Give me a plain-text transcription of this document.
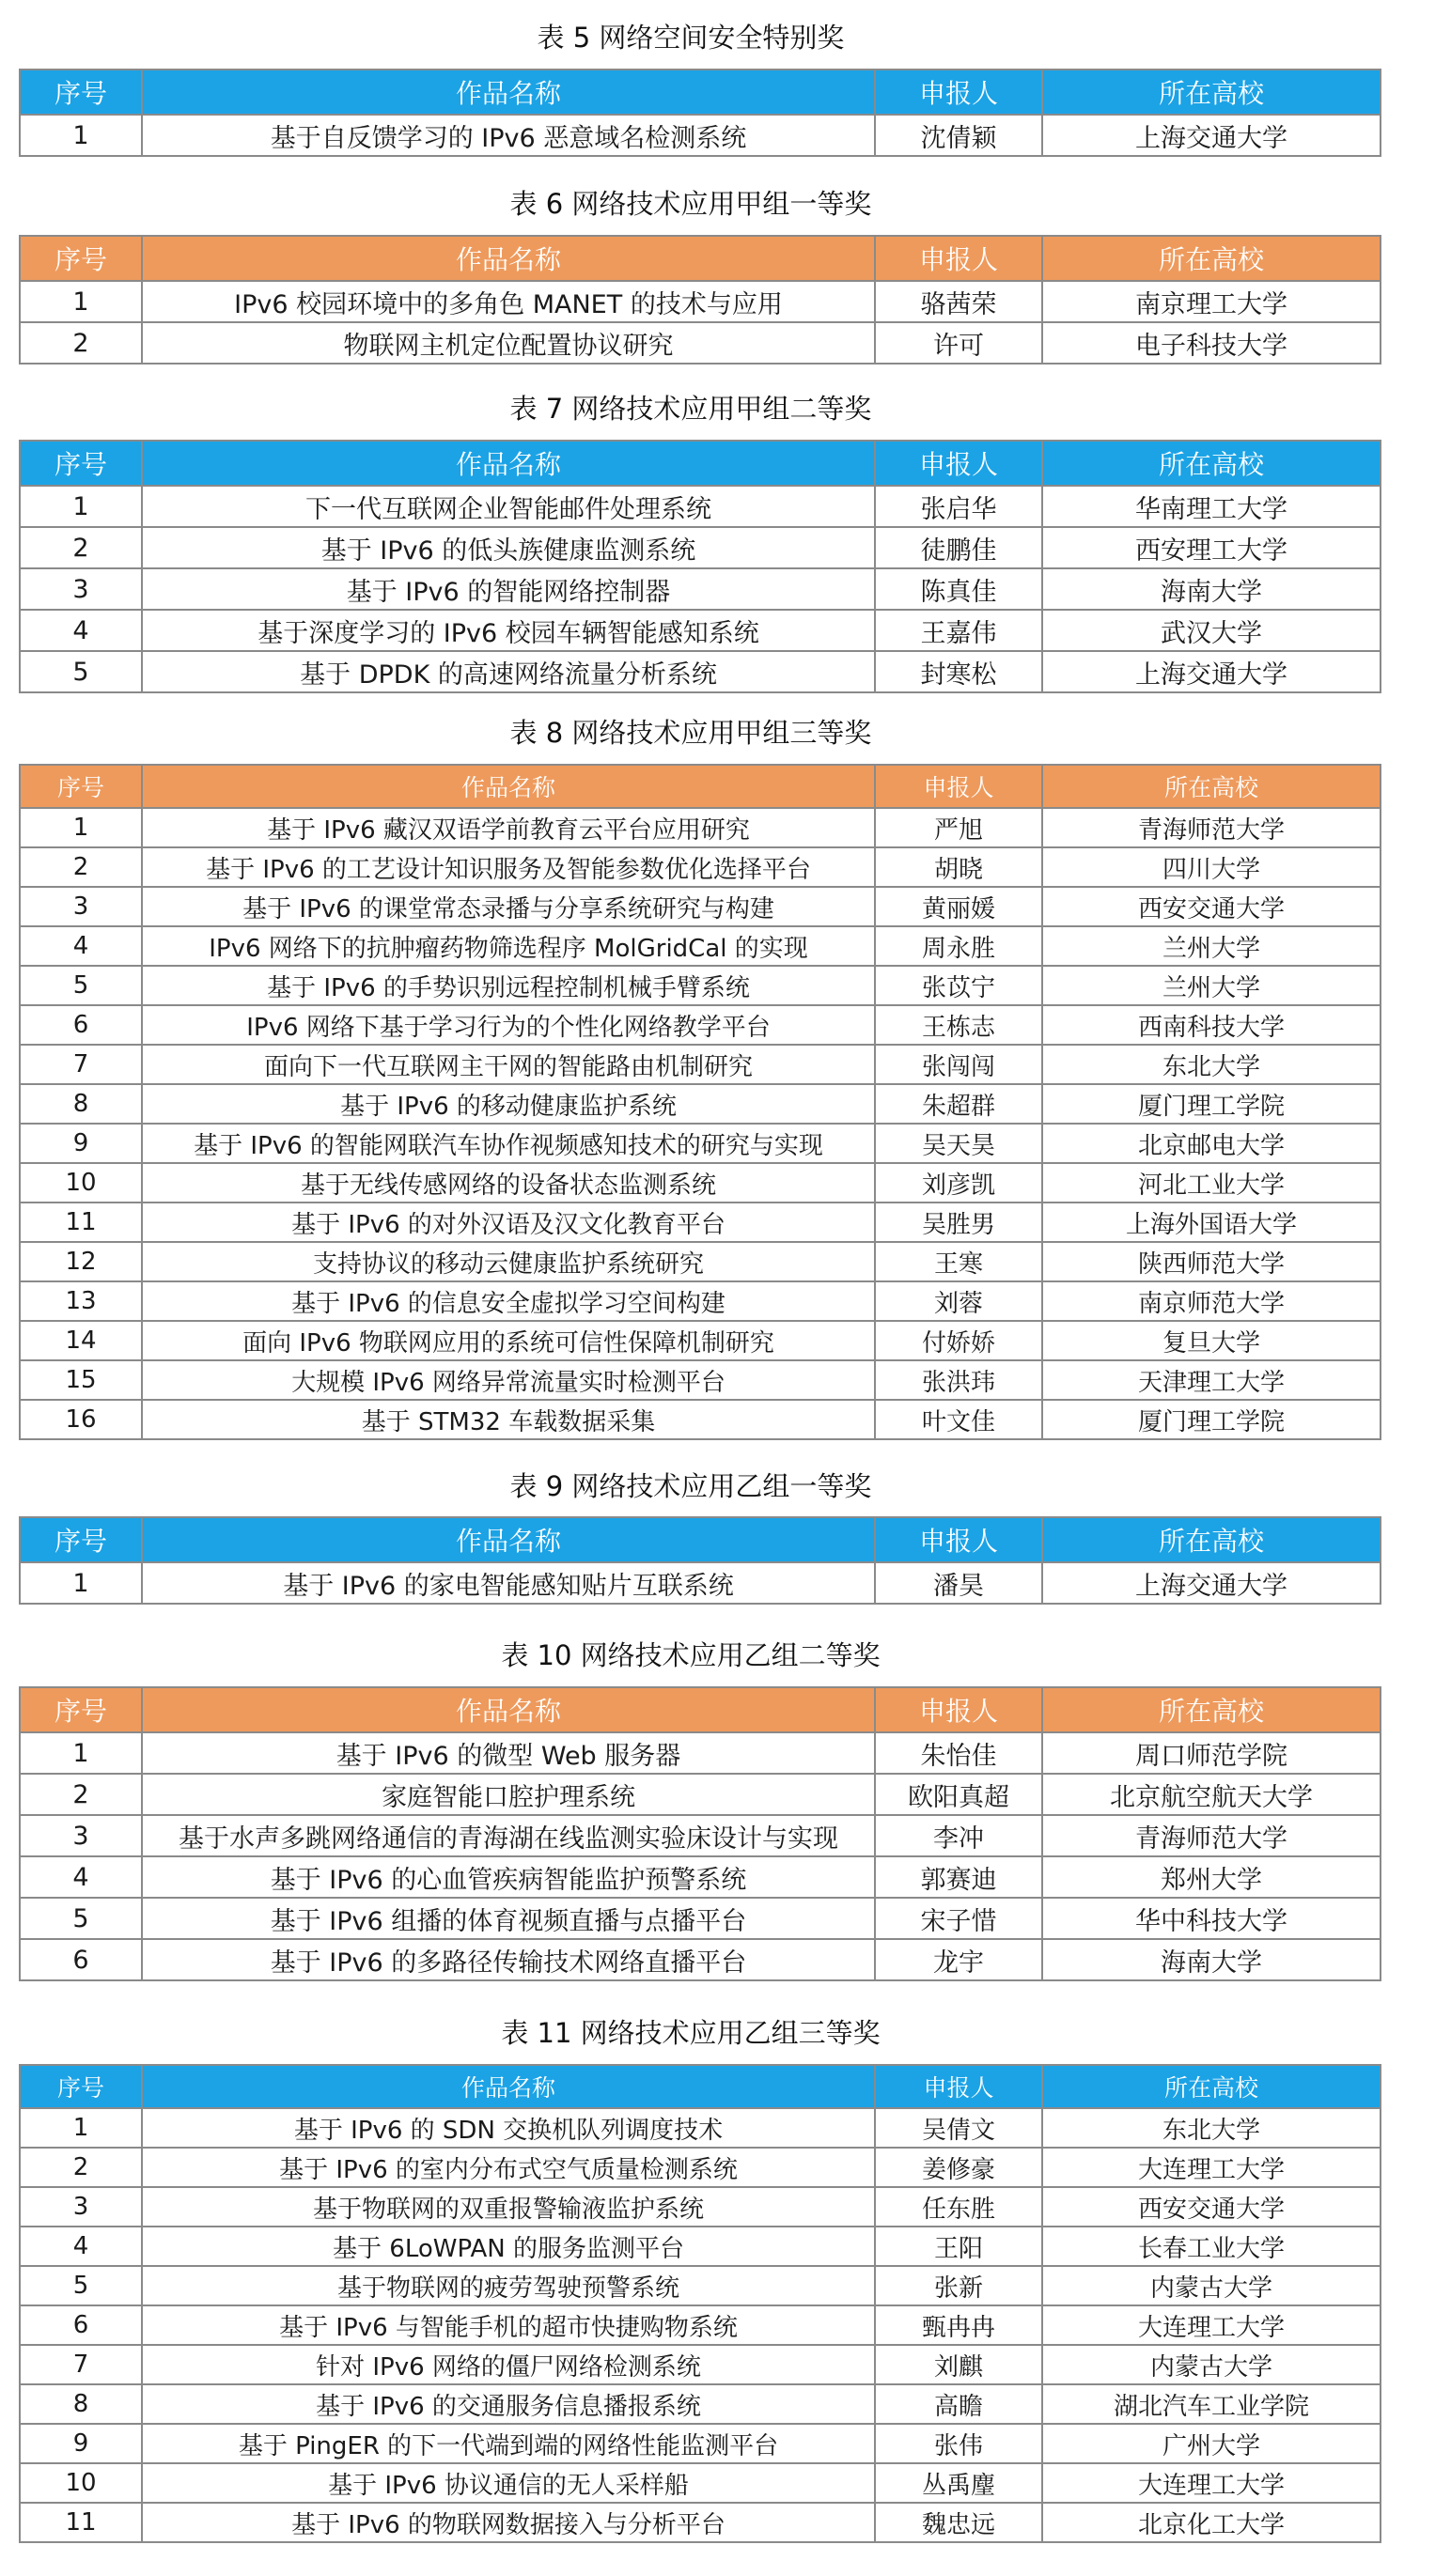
表 5 网络空间安全特别奖
序号	作品名称	申报人	所在高校
1	基于自反馈学习的 IPv6 恶意域名检测系统	沈倩颖	上海交通大学
表 6 网络技术应用甲组一等奖
序号	作品名称	申报人	所在高校
1	IPv6 校园环境中的多角色 MANET 的技术与应用	骆茜荣	南京理工大学
2	物联网主机定位配置协议研究	许可	电子科技大学
表 7 网络技术应用甲组二等奖
序号	作品名称	申报人	所在高校
1	下一代互联网企业智能邮件处理系统	张启华	华南理工大学
2	基于 IPv6 的低头族健康监测系统	徒鹏佳	西安理工大学
3	基于 IPv6 的智能网络控制器	陈真佳	海南大学
4	基于深度学习的 IPv6 校园车辆智能感知系统	王嘉伟	武汉大学
5	基于 DPDK 的高速网络流量分析系统	封寒松	上海交通大学
表 8 网络技术应用甲组三等奖
序号	作品名称	申报人	所在高校
1	基于 IPv6 藏汉双语学前教育云平台应用研究	严旭	青海师范大学
2	基于 IPv6 的工艺设计知识服务及智能参数优化选择平台	胡晓	四川大学
3	基于 IPv6 的课堂常态录播与分享系统研究与构建	黄丽媛	西安交通大学
4	IPv6 网络下的抗肿瘤药物筛选程序 MolGridCal 的实现	周永胜	兰州大学
5	基于 IPv6 的手势识别远程控制机械手臂系统	张苡宁	兰州大学
6	IPv6 网络下基于学习行为的个性化网络教学平台	王栋志	西南科技大学
7	面向下一代互联网主干网的智能路由机制研究	张闯闯	东北大学
8	基于 IPv6 的移动健康监护系统	朱超群	厦门理工学院
9	基于 IPv6 的智能网联汽车协作视频感知技术的研究与实现	吴天昊	北京邮电大学
10	基于无线传感网络的设备状态监测系统	刘彦凯	河北工业大学
11	基于 IPv6 的对外汉语及汉文化教育平台	吴胜男	上海外国语大学
12	支持协议的移动云健康监护系统研究	王寒	陕西师范大学
13	基于 IPv6 的信息安全虚拟学习空间构建	刘蓉	南京师范大学
14	面向 IPv6 物联网应用的系统可信性保障机制研究	付娇娇	复旦大学
15	大规模 IPv6 网络异常流量实时检测平台	张洪玮	天津理工大学
16	基于 STM32 车载数据采集	叶文佳	厦门理工学院
表 9 网络技术应用乙组一等奖
序号	作品名称	申报人	所在高校
1	基于 IPv6 的家电智能感知贴片互联系统	潘昊	上海交通大学
表 10 网络技术应用乙组二等奖
序号	作品名称	申报人	所在高校
1	基于 IPv6 的微型 Web 服务器	朱怡佳	周口师范学院
2	家庭智能口腔护理系统	欧阳真超	北京航空航天大学
3	基于水声多跳网络通信的青海湖在线监测实验床设计与实现	李冲	青海师范大学
4	基于 IPv6 的心血管疾病智能监护预警系统	郭赛迪	郑州大学
5	基于 IPv6 组播的体育视频直播与点播平台	宋子惜	华中科技大学
6	基于 IPv6 的多路径传输技术网络直播平台	龙宇	海南大学
表 11 网络技术应用乙组三等奖
序号	作品名称	申报人	所在高校
1	基于 IPv6 的 SDN 交换机队列调度技术	吴倩文	东北大学
2	基于 IPv6 的室内分布式空气质量检测系统	姜修豪	大连理工大学
3	基于物联网的双重报警输液监护系统	任东胜	西安交通大学
4	基于 6LoWPAN 的服务监测平台	王阳	长春工业大学
5	基于物联网的疲劳驾驶预警系统	张新	内蒙古大学
6	基于 IPv6 与智能手机的超市快捷购物系统	甄冉冉	大连理工大学
7	针对 IPv6 网络的僵尸网络检测系统	刘麒	内蒙古大学
8	基于 IPv6 的交通服务信息播报系统	高瞻	湖北汽车工业学院
9	基于 PingER 的下一代端到端的网络性能监测平台	张伟	广州大学
10	基于 IPv6 协议通信的无人采样船	丛禹麈	大连理工大学
11	基于 IPv6 的物联网数据接入与分析平台	魏忠远	北京化工大学
